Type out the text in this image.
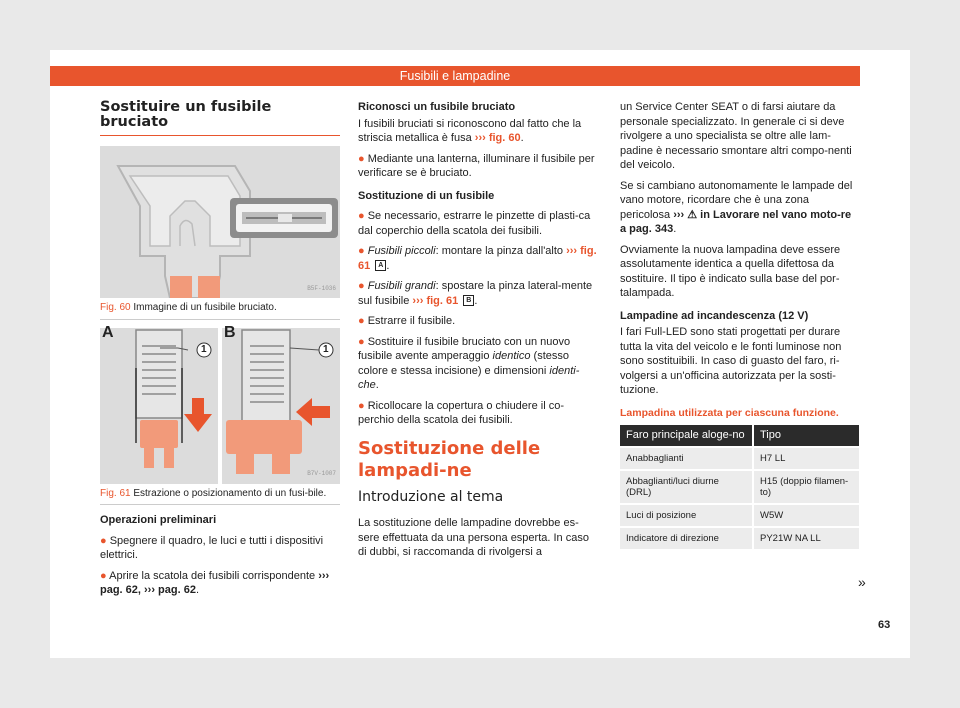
Fusibili e lampadine
Sostituire un fusibile bruciato
B5F-1036
Fig. 60 Immagine di un fusibile bruciato.
A	B
1	1
B7V-1007
Fig. 61 Estrazione o posizionamento di un fusi-bile.

Operazioni preliminari

● Spegnere il quadro, le luci e tutti i dispositivi elettrici.

● Aprire la scatola dei fusibili corrispondente ››› pag. 62, ››› pag. 62.

Riconosci un fusibile bruciato

I fusibili bruciati si riconoscono dal fatto che la striscia metallica è fusa ››› fig. 60.

● Mediante una lanterna, illuminare il fusibile per verificare se è bruciato.

Sostituzione di un fusibile

● Se necessario, estrarre le pinzette di plasti-ca dal coperchio della scatola dei fusibili.

● Fusibili piccoli: montare la pinza dall'alto ››› fig. 61 A .

● Fusibili grandi: spostare la pinza lateral-mente sul fusibile ››› fig. 61 B .

● Estrarre il fusibile.

● Sostituire il fusibile bruciato con un nuovo fusibile avente amperaggio identico (stesso colore e stessa incisione) e dimensioni identi-che.

● Ricollocare la copertura o chiudere il co-perchio della scatola dei fusibili.

Sostituzione delle lampadi-ne
Introduzione al tema

La sostituzione delle lampadine dovrebbe es-sere effettuata da una persona esperta. In caso di dubbi, si raccomanda di rivolgersi a

un Service Center SEAT o di farsi aiutare da personale specializzato. In generale ci si deve rivolgere a uno specialista se oltre alle lam-padine è necessario smontare altri compo-nenti del veicolo.

Se si cambiano autonomamente le lampade del vano motore, ricordare che è una zona pericolosa ››› ⚠ in Lavorare nel vano moto-re a pag. 343.

Ovviamente la nuova lampadina deve essere assolutamente identica a quella difettosa da sostituire. Il tipo è indicato sulla base del por-talampada.

Lampadine ad incandescenza (12 V)

I fari Full-LED sono stati progettati per durare tutta la vita del veicolo e le fonti luminose non sono sostituibili. In caso di guasto del faro, ri-volgersi a un'officina autorizzata per la sosti-tuzione.

Lampadina utilizzata per ciascuna funzione.
Faro principale aloge-no	Tipo
Anabbaglianti	H7 LL
Abbaglianti/luci diurne (DRL)	H15 (doppio filamen-to)
Luci di posizione	W5W
Indicatore di direzione	PY21W NA LL
»
63
